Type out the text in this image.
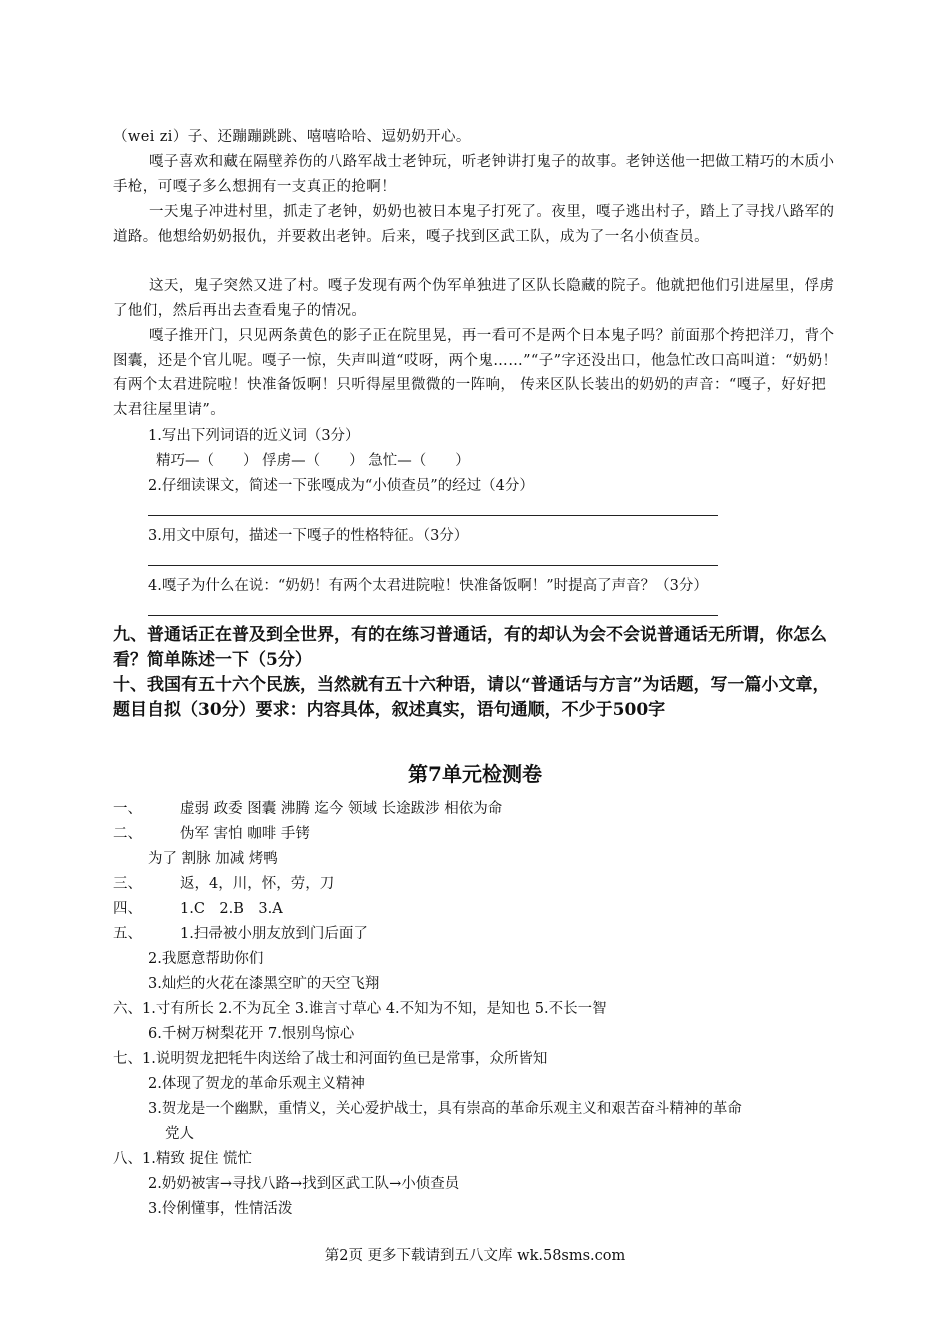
（wei zi）子、还蹦蹦跳跳、嘻嘻哈哈、逗奶奶开心。
嘎子喜欢和藏在隔壁养伤的八路军战士老钟玩，听老钟讲打鬼子的故事。老钟送他一把做工精巧的木质小手枪，可嘎子多么想拥有一支真正的抢啊！
一天鬼子冲进村里，抓走了老钟，奶奶也被日本鬼子打死了。夜里，嘎子逃出村子，踏上了寻找八路军的道路。他想给奶奶报仇，并要救出老钟。后来，嘎子找到区武工队，成为了一名小侦查员。
这天，鬼子突然又进了村。嘎子发现有两个伪军单独进了区队长隐藏的院子。他就把他们引进屋里，俘虏了他们，然后再出去查看鬼子的情况。
嘎子推开门，只见两条黄色的影子正在院里晃，再一看可不是两个日本鬼子吗？前面那个挎把洋刀，背个图囊，还是个官儿呢。嘎子一惊，失声叫道“哎呀，两个鬼……”“子”字还没出口，他急忙改口高叫道：“奶奶！有两个太君进院啦！快准备饭啊！只听得屋里微微的一阵响， 传来区队长装出的奶奶的声音：“嘎子，好好把太君往屋里请”。
1.写出下列词语的近义词（3分）
精巧—（　　） 俘虏—（　　） 急忙—（　　）
2.仔细读课文，简述一下张嘎成为“小侦查员”的经过（4分）
3.用文中原句，描述一下嘎子的性格特征。（3分）
4.嘎子为什么在说：“奶奶！有两个太君进院啦！快准备饭啊！”时提高了声音？（3分）
九、普通话正在普及到全世界，有的在练习普通话，有的却认为会不会说普通话无所谓，你怎么看？简单陈述一下（5分）
十、我国有五十六个民族，当然就有五十六种语，请以“普通话与方言”为话题，写一篇小文章，题目自拟（30分）要求：内容具体，叙述真实，语句通顺，不少于500字
第7单元检测卷
一、	虚弱 政委 图囊 沸腾 迄今 领域 长途跋涉 相依为命
二、	伪军 害怕 咖啡 手铐
为了 割脉 加减 烤鸭
三、	返，4，川，怀，劳，刀
四、	1.C　2.B　3.A
五、	1.扫帚被小朋友放到门后面了
2.我愿意帮助你们
3.灿烂的火花在漆黑空旷的天空飞翔
六、1.寸有所长 2.不为瓦全 3.谁言寸草心 4.不知为不知，是知也 5.不长一智
6.千树万树梨花开 7.恨别鸟惊心
七、1.说明贺龙把牦牛肉送给了战士和河面钓鱼已是常事，众所皆知
2.体现了贺龙的革命乐观主义精神
3.贺龙是一个幽默，重情义，关心爱护战士，具有崇高的革命乐观主义和艰苦奋斗精神的革命
党人
八、1.精致 捉住 慌忙
2.奶奶被害→寻找八路→找到区武工队→小侦查员
3.伶俐懂事，性情活泼
第2页 更多下载请到五八文库 wk.58sms.com
